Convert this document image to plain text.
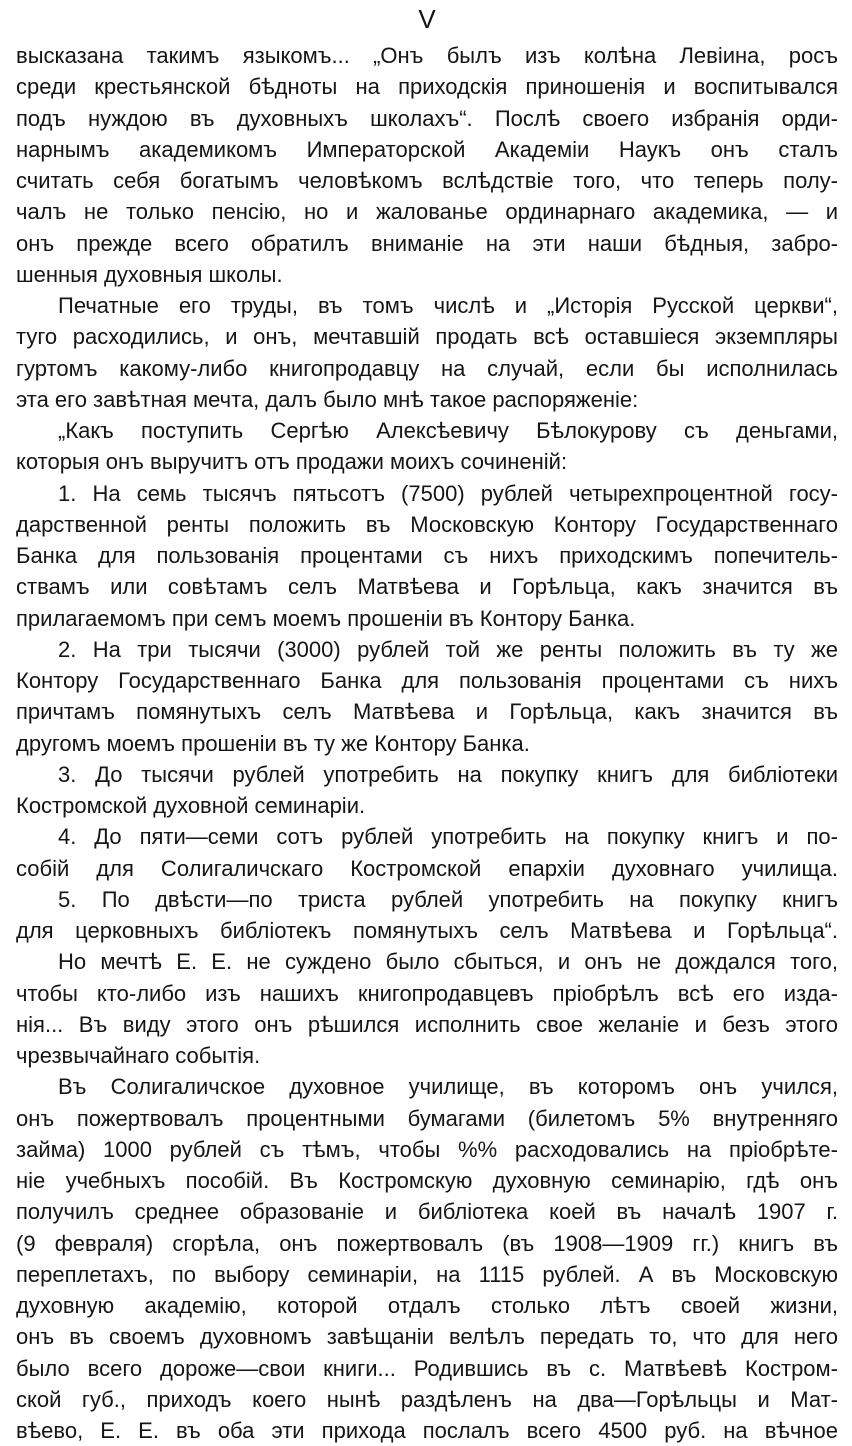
V
высказана такимъ языкомъ... „Онъ былъ изъ колѣна Левiина, росъ
среди крестьянской бѣдноты на приходскiя приношенiя и воспитывался
подъ нуждою въ духовныхъ школахъ“. Послѣ своего избранiя орди-
нарнымъ академикомъ Императорской Академiи Наукъ онъ сталъ
считать себя богатымъ человѣкомъ вслѣдствiе того, что теперь полу-
чалъ не только пенсiю, но и жалованье ординарнаго академика, — и
онъ прежде всего обратилъ вниманiе на эти наши бѣдныя, забро-
шенныя духовныя школы.
Печатные его труды, въ томъ числѣ и „Исторiя Русской церкви“,
туго расходились, и онъ, мечтавшiй продать всѣ оставшiеся экземпляры
гуртомъ какому-либо книгопродавцу на случай, если бы исполнилась
эта его завѣтная мечта, далъ было мнѣ такое распоряженiе:
„Какъ поступить Сергѣю Алексѣевичу Бѣлокурову съ деньгами,
которыя онъ выручитъ отъ продажи моихъ сочиненiй:
1. На семь тысячъ пятьсотъ (7500) рублей четырехпроцентной госу-
дарственной ренты положить въ Московскую Контору Государственнаго
Банка для пользованiя процентами съ нихъ приходскимъ попечитель-
ствамъ или совѣтамъ селъ Матвѣева и Горѣльца, какъ значится въ
прилагаемомъ при семъ моемъ прошенiи въ Контору Банка.
2. На три тысячи (3000) рублей той же ренты положить въ ту же
Контору Государственнаго Банка для пользованiя процентами съ нихъ
причтамъ помянутыхъ селъ Матвѣева и Горѣльца, какъ значится въ
другомъ моемъ прошенiи въ ту же Контору Банка.
3. До тысячи рублей употребить на покупку книгъ для библiотеки
Костромской духовной семинарiи.
4. До пяти—семи сотъ рублей употребить на покупку книгъ и по-
собiй для Солигаличскаго Костромской епархiи духовнаго училища.
5. По двѣсти—по триста рублей употребить на покупку книгъ
для церковныхъ библiотекъ помянутыхъ селъ Матвѣева и Горѣльца“.
Но мечтѣ Е. Е. не суждено было сбыться, и онъ не дождался того,
чтобы кто-либо изъ нашихъ книгопродавцевъ прiобрѣлъ всѣ его изда-
нiя... Въ виду этого онъ рѣшился исполнить свое желанiе и безъ этого
чрезвычайнаго событiя.
Въ Солигаличское духовное училище, въ которомъ онъ учился,
онъ пожертвовалъ процентными бумагами (билетомъ 5% внутренняго
займа) 1000 рублей съ тѣмъ, чтобы %% расходовались на прiобрѣте-
нiе учебныхъ пособiй. Въ Костромскую духовную семинарiю, гдѣ онъ
получилъ среднее образованiе и библiотека коей въ началѣ 1907 г.
(9 февраля) сгорѣла, онъ пожертвовалъ (въ 1908—1909 гг.) книгъ въ
переплетахъ, по выбору семинарiи, на 1115 рублей. А въ Московскую
духовную академiю, которой отдалъ столько лѣтъ своей жизни,
онъ въ своемъ духовномъ завѣщанiи велѣлъ передать то, что для него
было всего дороже—свои книги... Родившись въ с. Матвѣевѣ Костром-
ской губ., приходъ коего нынѣ раздѣленъ на два—Горѣльцы и Мат-
вѣево, Е. Е. въ оба эти прихода послалъ всего 4500 руб. на вѣчное
